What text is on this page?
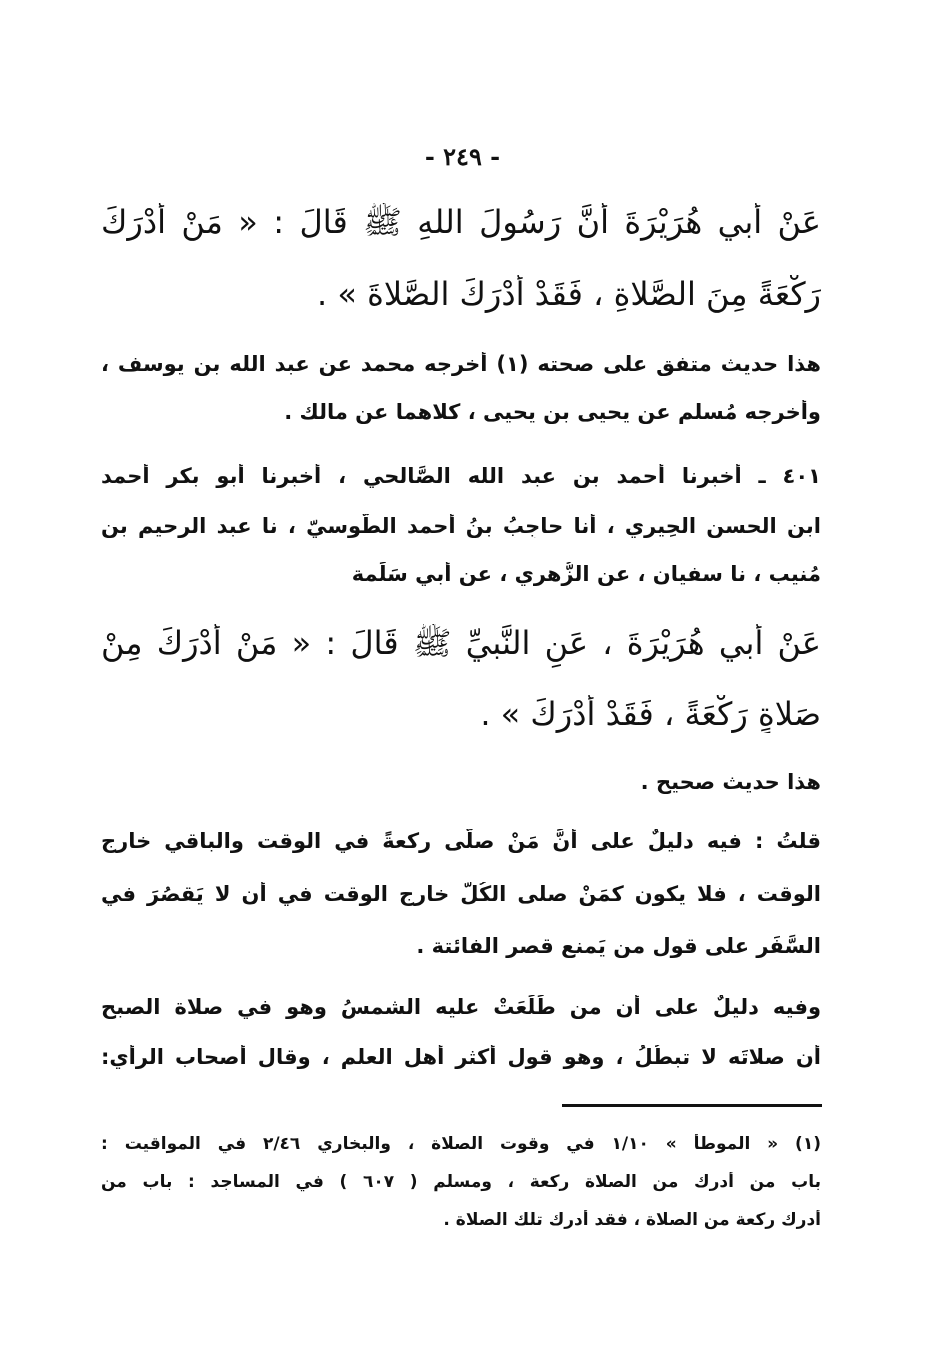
- ٢٤٩ -
عَنْ أَبي هُرَيْرَةَ أَنَّ رَسُولَ اللهِ ﷺ قَالَ : « مَنْ أَدْرَكَ
رَكْعَةً مِنَ الصَّلاةِ ، فَقَدْ أَدْرَكَ الصَّلاةَ » .
هذا حديث متفق على صحته (١) أخرجه محمد عن عبد الله بن يوسف ،
وأخرجه مُسلم عن يحيى بن يحيى ، كلاهما عن مالك .
٤٠١ ـ أخبرنا أحمد بن عبد الله الصَّالحي ، أخبرنا أبو بكر أحمد
ابن الحسن الحِيري ، أنا حاجِبُ بنُ أحمد الطُّوسيّ ، نا عبد الرحيم بن
مُنيب ، نا سفيان ، عن الزُّهري ، عن أبي سَلَمة
عَنْ أَبي هُرَيْرَةَ ، عَنِ النَّبيِّ ﷺ قَالَ : « مَنْ أَدْرَكَ مِنْ
صَلاةٍ رَكْعَةً ، فَقَدْ أَدْرَكَ » .
هذا حديث صحيح .
قلتُ : فيه دليلٌ على أنَّ مَنْ صلّى ركعةً في الوقت والباقي خارج
الوقت ، فلا يكون كمَنْ صلى الكُلَّ خارج الوقت في أن لا يَقصُرَ في
السَّفَر على قول من يَمنع قصر الفائتة .
وفيه دليلٌ على أن من طَلَعَتْ عليه الشمسُ وهو في صلاة الصبح
أن صلاتَه لا تبطُلُ ، وهو قول أكثر أهل العلم ، وقال أصحاب الرأي:
(١) « الموطأ » ١/١٠ في وقوت الصلاة ، والبخاري ٢/٤٦ في المواقيت :
باب من أدرك من الصلاة ركعة ، ومسلم ( ٦٠٧ ) في المساجد : باب من
أدرك ركعة من الصلاة ، فقد أدرك تلك الصلاة .
